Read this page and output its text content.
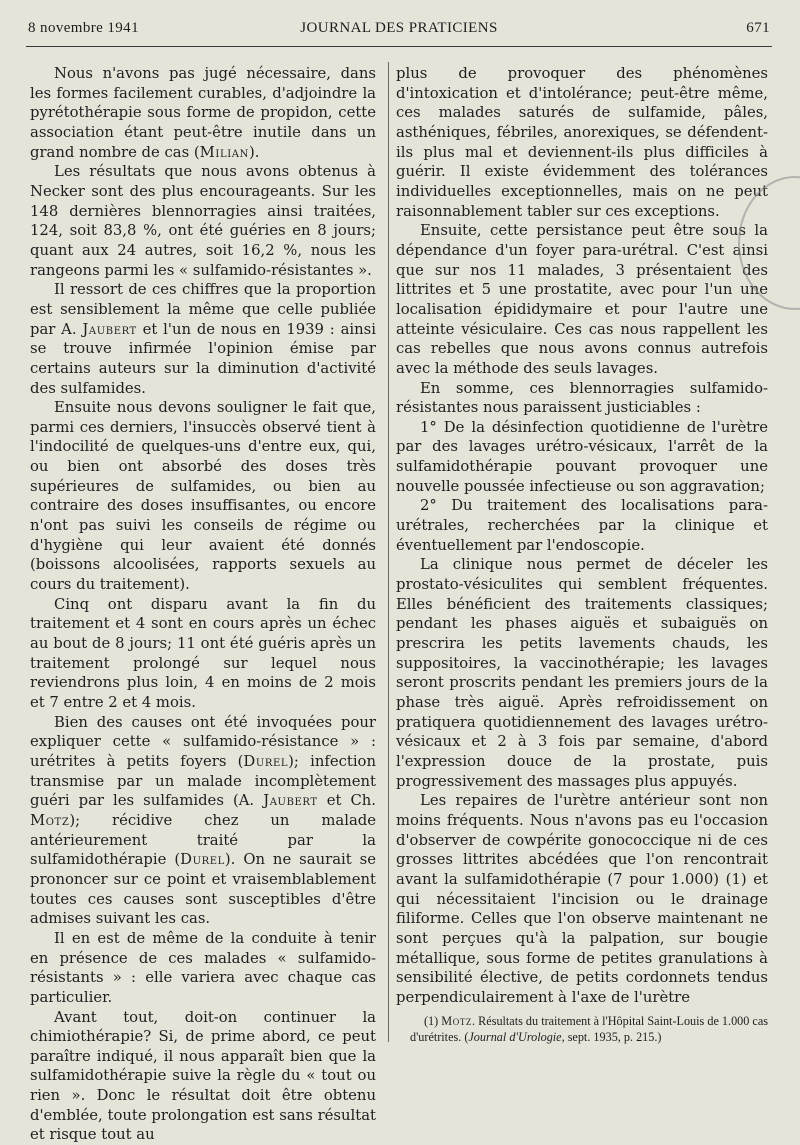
8 novembre 1941	JOURNAL DES PRATICIENS	671

Nous n'avons pas jugé nécessaire, dans les formes facilement curables, d'adjoindre la pyrétothérapie sous forme de propidon, cette association étant peut-être inutile dans un grand nombre de cas (Milian).

Les résultats que nous avons obtenus à Necker sont des plus encourageants. Sur les 148 dernières blennorragies ainsi traitées, 124, soit 83,8 %, ont été guéries en 8 jours; quant aux 24 autres, soit 16,2 %, nous les rangeons parmi les « sulfamido-résistantes ».

Il ressort de ces chiffres que la proportion est sensiblement la même que celle publiée par A. Jaubert et l'un de nous en 1939 : ainsi se trouve infirmée l'opinion émise par certains auteurs sur la diminution d'activité des sulfamides.

Ensuite nous devons souligner le fait que, parmi ces derniers, l'insuccès observé tient à l'indocilité de quelques-uns d'entre eux, qui, ou bien ont absorbé des doses très supérieures de sulfamides, ou bien au contraire des doses insuffisantes, ou encore n'ont pas suivi les conseils de régime ou d'hygiène qui leur avaient été donnés (boissons alcoolisées, rapports sexuels au cours du traitement).

Cinq ont disparu avant la fin du traitement et 4 sont en cours après un échec au bout de 8 jours; 11 ont été guéris après un traitement prolongé sur lequel nous reviendrons plus loin, 4 en moins de 2 mois et 7 entre 2 et 4 mois.

Bien des causes ont été invoquées pour expliquer cette « sulfamido-résistance » : urétrites à petits foyers (Durel); infection transmise par un malade incomplètement guéri par les sulfamides (A. Jaubert et Ch. Motz); récidive chez un malade antérieurement traité par la sulfamidothérapie (Durel). On ne saurait se prononcer sur ce point et vraisemblablement toutes ces causes sont susceptibles d'être admises suivant les cas.

Il en est de même de la conduite à tenir en présence de ces malades « sulfamido-résistants » : elle variera avec chaque cas particulier.

Avant tout, doit-on continuer la chimiothérapie? Si, de prime abord, ce peut paraître indiqué, il nous apparaît bien que la sulfamidothérapie suive la règle du « tout ou rien ». Donc le résultat doit être obtenu d'emblée, toute prolongation est sans résultat et risque tout au

plus de provoquer des phénomènes d'intoxication et d'intolérance; peut-être même, ces malades saturés de sulfamide, pâles, asthéniques, fébriles, anorexiques, se défendent-ils plus mal et deviennent-ils plus difficiles à guérir. Il existe évidemment des tolérances individuelles exceptionnelles, mais on ne peut raisonnablement tabler sur ces exceptions.

Ensuite, cette persistance peut être sous la dépendance d'un foyer para-urétral. C'est ainsi que sur nos 11 malades, 3 présentaient des littrites et 5 une prostatite, avec pour l'un une localisation épididymaire et pour l'autre une atteinte vésiculaire. Ces cas nous rappellent les cas rebelles que nous avons connus autrefois avec la méthode des seuls lavages.

En somme, ces blennorragies sulfamido-résistantes nous paraissent justiciables :

1° De la désinfection quotidienne de l'urètre par des lavages urétro-vésicaux, l'arrêt de la sulfamidothérapie pouvant provoquer une nouvelle poussée infectieuse ou son aggravation;

2° Du traitement des localisations para-urétrales, recherchées par la clinique et éventuellement par l'endoscopie.

La clinique nous permet de déceler les prostato-vésiculites qui semblent fréquentes. Elles bénéficient des traitements classiques; pendant les phases aiguës et subaiguës on prescrira les petits lavements chauds, les suppositoires, la vaccinothérapie; les lavages seront proscrits pendant les premiers jours de la phase très aiguë. Après refroidissement on pratiquera quotidiennement des lavages urétro-vésicaux et 2 à 3 fois par semaine, d'abord l'expression douce de la prostate, puis progressivement des massages plus appuyés.

Les repaires de l'urètre antérieur sont non moins fréquents. Nous n'avons pas eu l'occasion d'observer de cowpérite gonococcique ni de ces grosses littrites abcédées que l'on rencontrait avant la sulfamidothérapie (7 pour 1.000) (1) et qui nécessitaient l'incision ou le drainage filiforme. Celles que l'on observe maintenant ne sont perçues qu'à la palpation, sur bougie métallique, sous forme de petites granulations à sensibilité élective, de petits cordonnets tendus perpendiculairement à l'axe de l'urètre

(1) Motz. Résultats du traitement à l'Hôpital Saint-Louis de 1.000 cas d'urétrites. (Journal d'Urologie, sept. 1935, p. 215.)
